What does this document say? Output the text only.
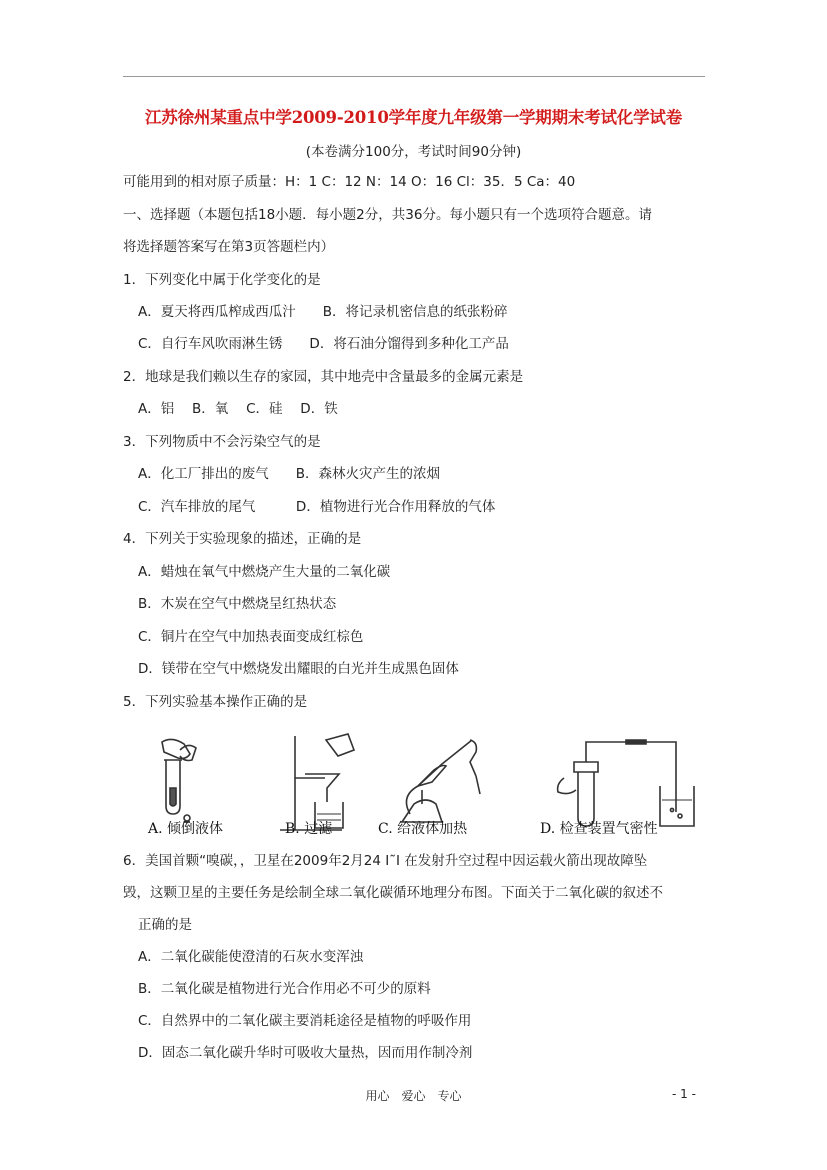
江苏徐州某重点中学2009-2010学年度九年级第一学期期末考试化学试卷
(本卷满分100分，考试时间90分钟)
可能用到的相对原子质量：H：1 C：12 N：14 O：16 Cl：35．5 Ca：40
一、选择题（本题包括18小题．每小题2分，共36分。每小题只有一个选项符合题意。请
将选择题答案写在第3页答题栏内）
1．下列变化中属于化学变化的是
A．夏天将西瓜榨成西瓜汁　　B．将记录机密信息的纸张粉碎
C．自行车风吹雨淋生锈　　D．将石油分馏得到多种化工产品
2．地球是我们赖以生存的家园，其中地壳中含量最多的金属元素是
A．铝　 B．氧　 C．硅　 D．铁
3．下列物质中不会污染空气的是
A．化工厂排出的废气　　B．森林火灾产生的浓烟
C．汽车排放的尾气　　　D．植物进行光合作用释放的气体
4．下列关于实验现象的描述，正确的是
A．蜡烛在氧气中燃烧产生大量的二氧化碳
B．木炭在空气中燃烧呈红热状态
C．铜片在空气中加热表面变成红棕色
D．镁带在空气中燃烧发出耀眼的白光并生成黑色固体
5．下列实验基本操作正确的是
A. 倾倒液体	B. 过滤	C. 给液体加热	D. 检查装置气密性
6．美国首颗“嗅碳，，卫星在2009年2月24 I˜I 在发射升空过程中因运载火箭出现故障坠
毁，这颗卫星的主要任务是绘制全球二氧化碳循环地理分布图。下面关于二氧化碳的叙述不
正确的是
A．二氧化碳能使澄清的石灰水变浑浊
B．二氧化碳是植物进行光合作用必不可少的原料
C．自然界中的二氧化碳主要消耗途径是植物的呼吸作用
D．固态二氧化碳升华时可吸收大量热，因而用作制冷剂
用心　爱心　专心	- 1 -
